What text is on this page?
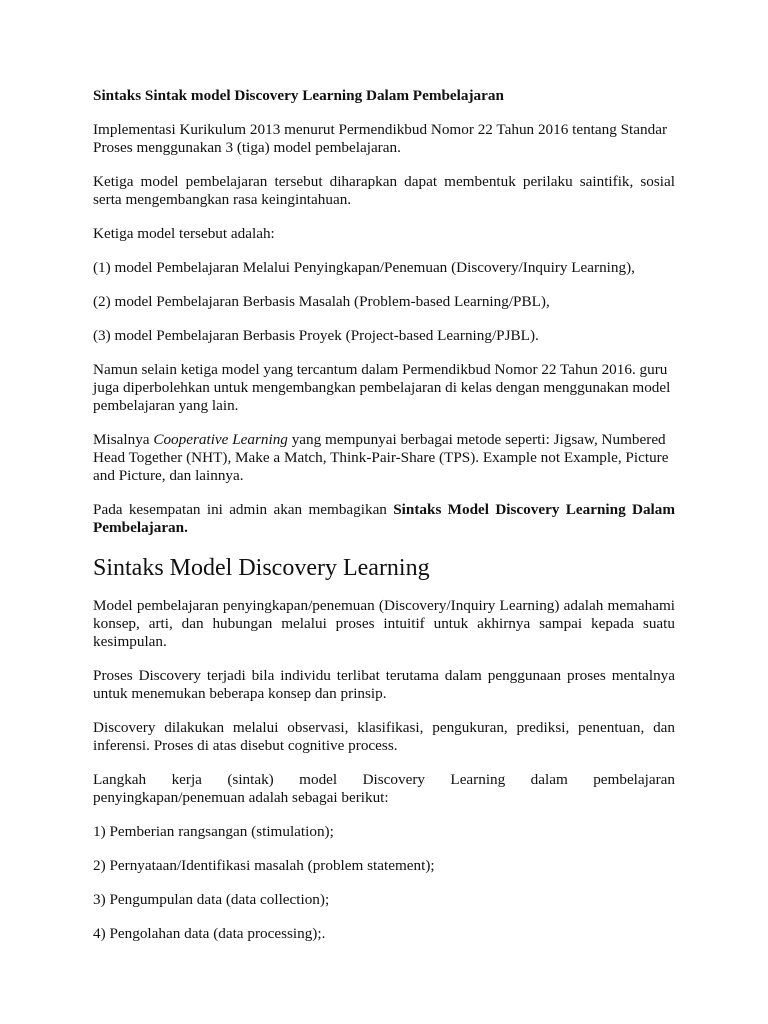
Sintaks Sintak model Discovery Learning Dalam Pembelajaran

Implementasi Kurikulum 2013 menurut Permendikbud Nomor 22 Tahun 2016 tentang Standar Proses menggunakan 3 (tiga) model pembelajaran.

Ketiga model pembelajaran tersebut diharapkan dapat membentuk perilaku saintifik, sosial serta mengembangkan rasa keingintahuan.

Ketiga model tersebut adalah:

(1) model Pembelajaran Melalui Penyingkapan/Penemuan (Discovery/Inquiry Learning),

(2) model Pembelajaran Berbasis Masalah (Problem-based Learning/PBL),

(3) model Pembelajaran Berbasis Proyek (Project-based Learning/PJBL).

Namun selain ketiga model yang tercantum dalam Permendikbud Nomor 22 Tahun 2016. guru juga diperbolehkan untuk mengembangkan pembelajaran di kelas dengan menggunakan model pembelajaran yang lain.

Misalnya Cooperative Learning yang mempunyai berbagai metode seperti: Jigsaw, Numbered Head Together (NHT), Make a Match, Think-Pair-Share (TPS). Example not Example, Picture and Picture, dan lainnya.

Pada kesempatan ini admin akan membagikan Sintaks Model Discovery Learning Dalam Pembelajaran.

Sintaks Model Discovery Learning

Model pembelajaran penyingkapan/penemuan (Discovery/Inquiry Learning) adalah memahami konsep, arti, dan hubungan melalui proses intuitif untuk akhirnya sampai kepada suatu kesimpulan.

Proses Discovery terjadi bila individu terlibat terutama dalam penggunaan proses mentalnya untuk menemukan beberapa konsep dan prinsip.

Discovery dilakukan melalui observasi, klasifikasi, pengukuran, prediksi, penentuan, dan inferensi. Proses di atas disebut cognitive process.

Langkah kerja (sintak) model Discovery Learning dalam pembelajaran penyingkapan/penemuan adalah sebagai berikut:

1) Pemberian rangsangan (stimulation);

2) Pernyataan/Identifikasi masalah (problem statement);

3) Pengumpulan data (data collection);

4) Pengolahan data (data processing);.
